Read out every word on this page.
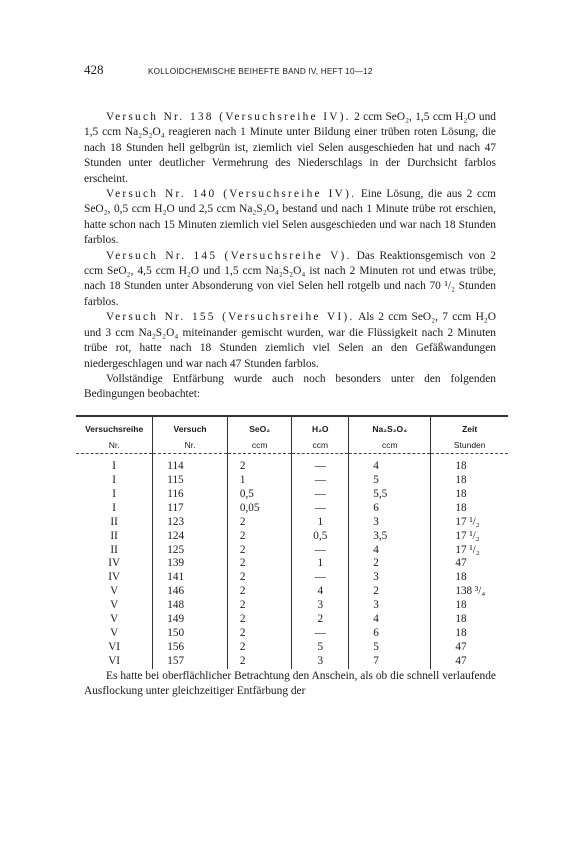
428	KOLLOIDCHEMISCHE BEIHEFTE BAND IV, HEFT 10—12

Versuch Nr. 138 (Versuchsreihe IV). 2 ccm SeO₂, 1,5 ccm H₂O und 1,5 ccm Na₂S₂O₄ reagieren nach 1 Minute unter Bildung einer trüben roten Lösung, die nach 18 Stunden hell gelbgrün ist, ziemlich viel Selen ausgeschieden hat und nach 47 Stunden unter deutlicher Vermehrung des Niederschlags in der Durchsicht farblos erscheint.

Versuch Nr. 140 (Versuchsreihe IV). Eine Lösung, die aus 2 ccm SeO₂, 0,5 ccm H₂O und 2,5 ccm Na₂S₂O₄ bestand und nach 1 Minute trübe rot erschien, hatte schon nach 15 Minuten ziemlich viel Selen ausgeschieden und war nach 18 Stunden farblos.

Versuch Nr. 145 (Versuchsreihe V). Das Reaktionsgemisch von 2 ccm SeO₂, 4,5 ccm H₂O und 1,5 ccm Na₂S₂O₄ ist nach 2 Minuten rot und etwas trübe, nach 18 Stunden unter Absonderung von viel Selen hell rotgelb und nach 70 ¹/₂ Stunden farblos.

Versuch Nr. 155 (Versuchsreihe VI). Als 2 ccm SeO₂, 7 ccm H₂O und 3 ccm Na₂S₂O₄ miteinander gemischt wurden, war die Flüssigkeit nach 2 Minuten trübe rot, hatte nach 18 Stunden ziemlich viel Selen an den Gefäßwandungen niedergeschlagen und war nach 47 Stunden farblos.

Vollständige Entfärbung wurde auch noch besonders unter den folgenden Bedingungen beobachtet:

Versuchsreihe	Versuch	SeO₂	H₂O	Na₂S₂O₄	Zeit
Nr.	Nr.	ccm	ccm	ccm	Stunden
I	114	2	—	4	18
I	115	1	—	5	18
I	116	0,5	—	5,5	18
I	117	0,05	—	6	18
II	123	2	1	3	17 ¹/₂
II	124	2	0,5	3,5	17 ¹/₂
II	125	2	—	4	17 ¹/₂
IV	139	2	1	2	47
IV	141	2	—	3	18
V	146	2	4	2	138 ³/₄
V	148	2	3	3	18
V	149	2	2	4	18
V	150	2	—	6	18
VI	156	2	5	5	47
VI	157	2	3	7	47

Es hatte bei oberflächlicher Betrachtung den Anschein, als ob die schnell verlaufende Ausflockung unter gleichzeitiger Entfärbung der
